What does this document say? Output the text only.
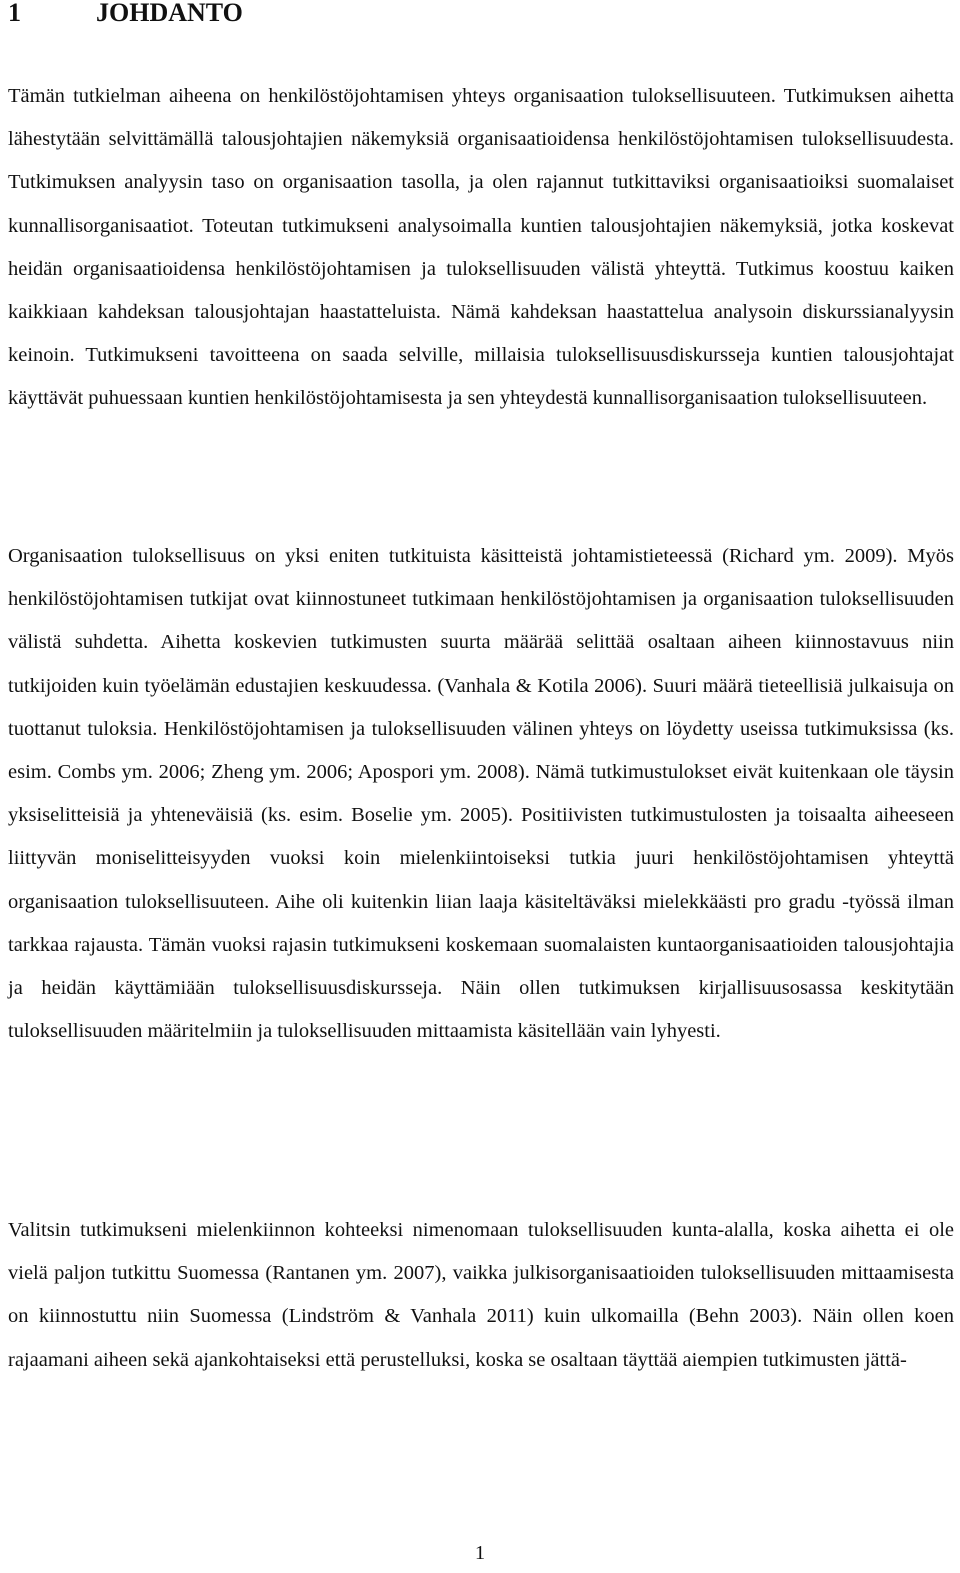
1	JOHDANTO

Tämän tutkielman aiheena on henkilöstöjohtamisen yhteys organisaation tuloksellisuuteen. Tutkimuksen aihetta lähestytään selvittämällä talousjohtajien näkemyksiä organisaatioidensa henkilöstöjohtamisen tuloksellisuudesta. Tutkimuksen analyysin taso on organisaation tasolla, ja olen rajannut tutkittaviksi organisaatioiksi suomalaiset kunnallisorganisaatiot. Toteutan tutkimukseni analysoimalla kuntien talousjohtajien näkemyksiä, jotka koskevat heidän organisaatioidensa henkilöstöjohtamisen ja tuloksellisuuden välistä yhteyttä. Tutkimus koostuu kaiken kaikkiaan kahdeksan talousjohtajan haastatteluista. Nämä kahdeksan haastattelua analysoin diskurssianalyysin keinoin. Tutkimukseni tavoitteena on saada selville, millaisia tuloksellisuusdiskursseja kuntien talousjohtajat käyttävät puhuessaan kuntien henkilöstöjohtamisesta ja sen yhteydestä kunnallisorganisaation tuloksellisuuteen.

Organisaation tuloksellisuus on yksi eniten tutkituista käsitteistä johtamistieteessä (Richard ym. 2009). Myös henkilöstöjohtamisen tutkijat ovat kiinnostuneet tutkimaan henkilöstöjohtamisen ja organisaation tuloksellisuuden välistä suhdetta. Aihetta koskevien tutkimusten suurta määrää selittää osaltaan aiheen kiinnostavuus niin tutkijoiden kuin työelämän edustajien keskuudessa. (Vanhala & Kotila 2006). Suuri määrä tieteellisiä julkaisuja on tuottanut tuloksia. Henkilöstöjohtamisen ja tuloksellisuuden välinen yhteys on löydetty useissa tutkimuksissa (ks. esim. Combs ym. 2006; Zheng ym. 2006; Apospori ym. 2008). Nämä tutkimustulokset eivät kuitenkaan ole täysin yksiselitteisiä ja yhteneväisiä (ks. esim. Boselie ym. 2005). Positiivisten tutkimustulosten ja toisaalta aiheeseen liittyvän moniselitteisyyden vuoksi koin mielenkiintoiseksi tutkia juuri henkilöstöjohtamisen yhteyttä organisaation tuloksellisuuteen. Aihe oli kuitenkin liian laaja käsiteltäväksi mielekkäästi pro gradu -työssä ilman tarkkaa rajausta. Tämän vuoksi rajasin tutkimukseni koskemaan suomalaisten kuntaorganisaatioiden talousjohtajia ja heidän käyttämiään tuloksellisuusdiskursseja. Näin ollen tutkimuksen kirjallisuusosassa keskitytään tuloksellisuuden määritelmiin ja tuloksellisuuden mittaamista käsitellään vain lyhyesti.

Valitsin tutkimukseni mielenkiinnon kohteeksi nimenomaan tuloksellisuuden kunta-alalla, koska aihetta ei ole vielä paljon tutkittu Suomessa (Rantanen ym. 2007), vaikka julkisorganisaatioiden tuloksellisuuden mittaamisesta on kiinnostuttu niin Suomessa (Lindström & Vanhala 2011) kuin ulkomailla (Behn 2003). Näin ollen koen rajaamani aiheen sekä ajankohtaiseksi että perustelluksi, koska se osaltaan täyttää aiempien tutkimusten jättä-

1
